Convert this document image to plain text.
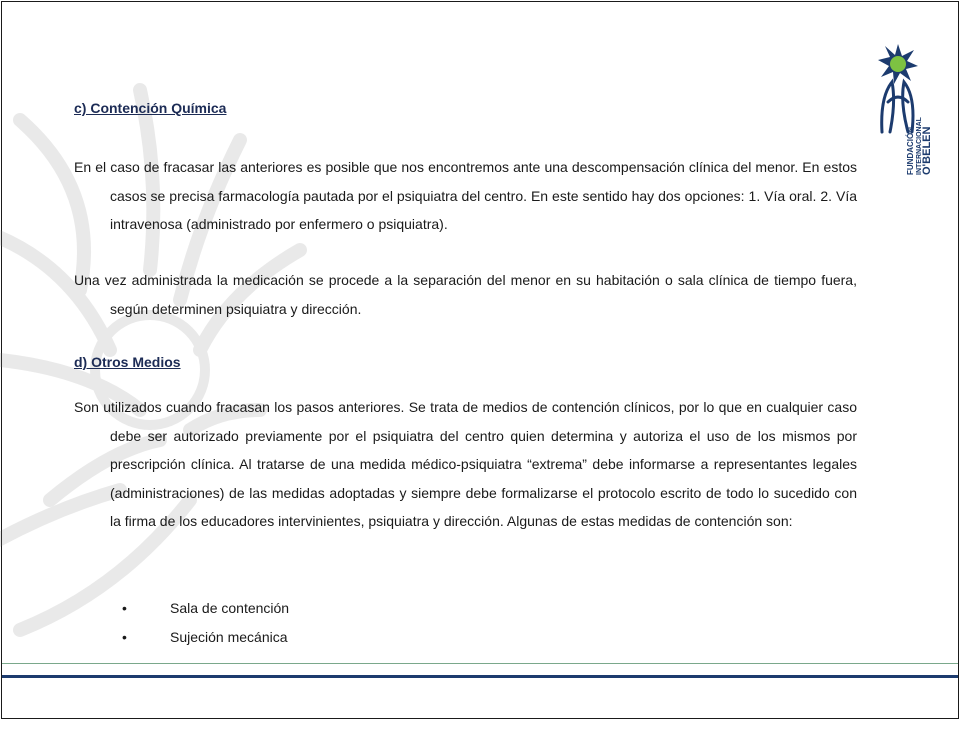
FUNDACIÓN INTERNACIONAL
O'BELEN
c) Contención Química
En el caso de fracasar las anteriores es posible que nos encontremos ante una descompensación clínica del menor. En estos casos se precisa farmacología pautada por el psiquiatra del centro. En este sentido hay dos opciones: 1. Vía oral. 2. Vía intravenosa (administrado por enfermero o psiquiatra).
Una vez administrada la medicación se procede a la separación del menor en su habitación o sala clínica de tiempo fuera, según determinen psiquiatra y dirección.
d) Otros Medios
Son utilizados cuando fracasan los pasos anteriores. Se trata de medios de contención clínicos, por lo que en cualquier caso debe ser autorizado previamente por el psiquiatra del centro quien determina y autoriza el uso de los mismos por prescripción clínica. Al tratarse de una medida médico-psiquiatra “extrema” debe informarse a representantes legales (administraciones) de las medidas adoptadas y siempre debe formalizarse el protocolo escrito de todo lo sucedido con la firma de los educadores intervinientes, psiquiatra y dirección. Algunas de estas medidas de contención son:
•	Sala de contención
•	Sujeción mecánica
